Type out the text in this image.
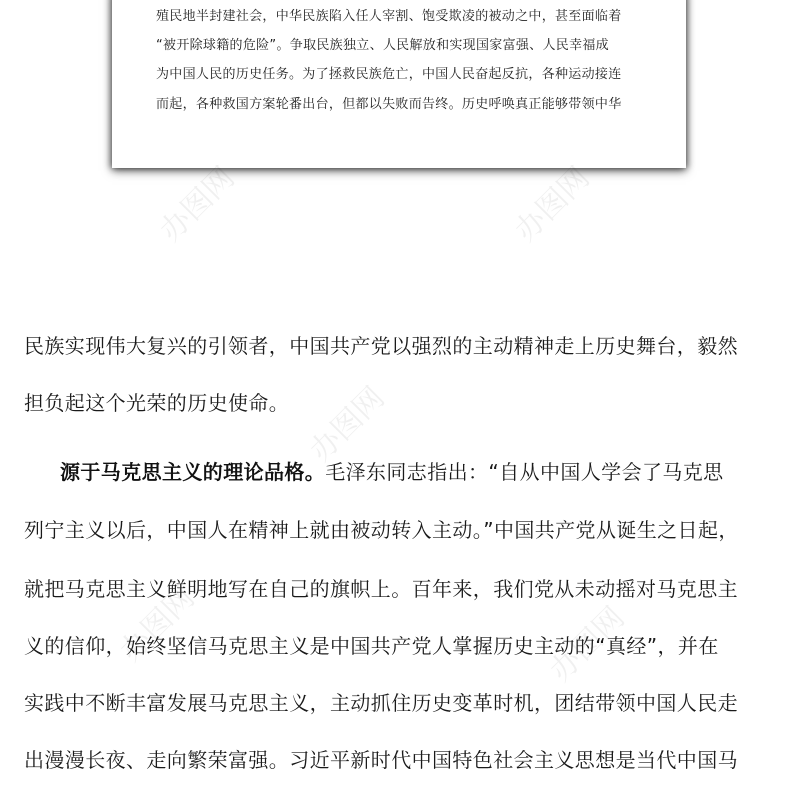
殖民地半封建社会，中华民族陷入任人宰割、饱受欺凌的被动之中，甚至面临着
“被开除球籍的危险”。争取民族独立、人民解放和实现国家富强、人民幸福成
为中国人民的历史任务。为了拯救民族危亡，中国人民奋起反抗，各种运动接连
而起，各种救国方案轮番出台，但都以失败而告终。历史呼唤真正能够带领中华
办图网	办图网
办图网
办图网	办图网
民族实现伟大复兴的引领者，中国共产党以强烈的主动精神走上历史舞台，毅然
担负起这个光荣的历史使命。
源于马克思主义的理论品格。毛泽东同志指出：“自从中国人学会了马克思
列宁主义以后，中国人在精神上就由被动转入主动。”中国共产党从诞生之日起，
就把马克思主义鲜明地写在自己的旗帜上。百年来，我们党从未动摇对马克思主
义的信仰，始终坚信马克思主义是中国共产党人掌握历史主动的“真经”，并在
实践中不断丰富发展马克思主义，主动抓住历史变革时机，团结带领中国人民走
出漫漫长夜、走向繁荣富强。习近平新时代中国特色社会主义思想是当代中国马
